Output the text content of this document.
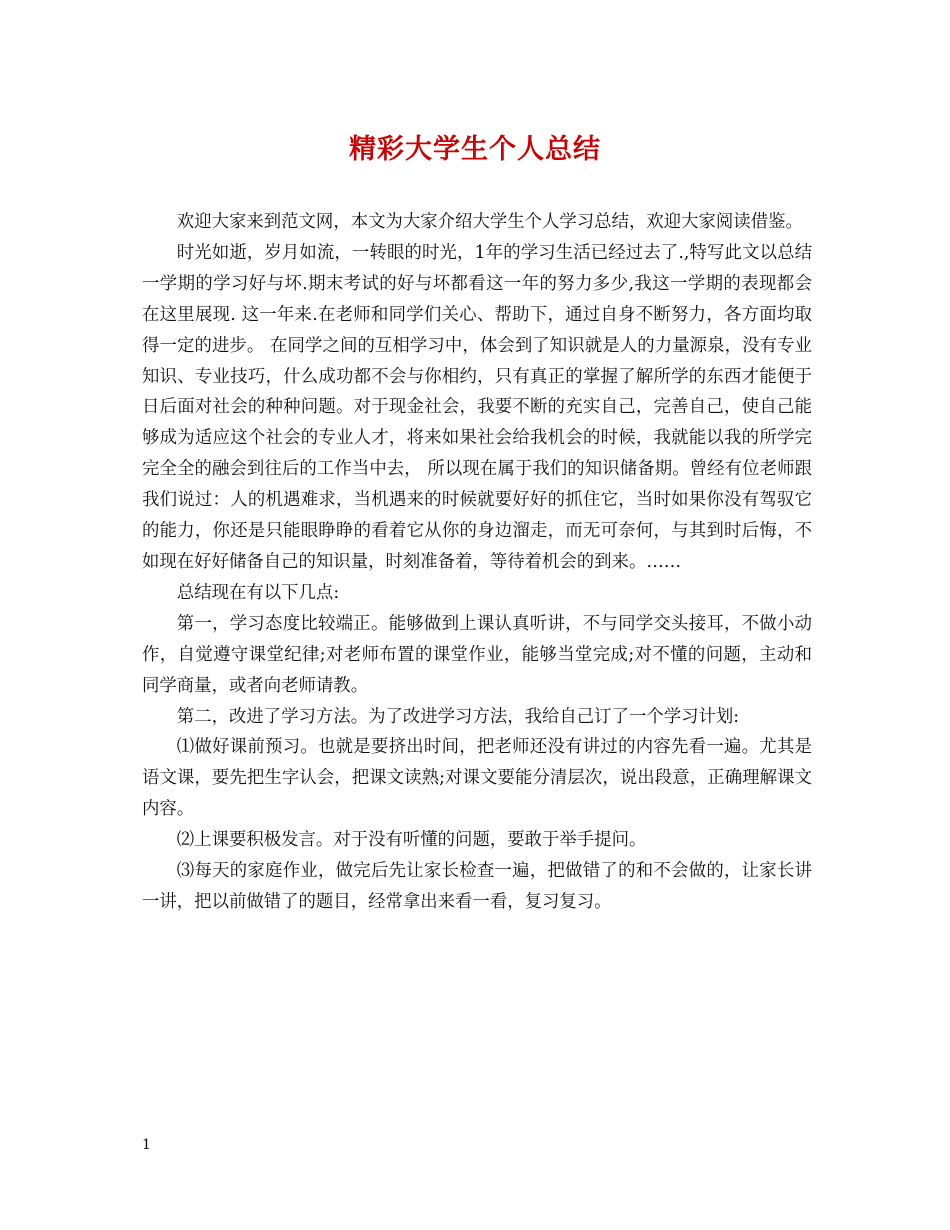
精彩大学生个人总结

欢迎大家来到范文网，本文为大家介绍大学生个人学习总结，欢迎大家阅读借鉴。

时光如逝，岁月如流，一转眼的时光，1年的学习生活已经过去了.,特写此文以总结一学期的学习好与坏.期末考试的好与坏都看这一年的努力多少,我这一学期的表现都会在这里展现. 这一年来.在老师和同学们关心、帮助下，通过自身不断努力，各方面均取得一定的进步。 在同学之间的互相学习中，体会到了知识就是人的力量源泉，没有专业知识、专业技巧，什么成功都不会与你相约，只有真正的掌握了解所学的东西才能便于日后面对社会的种种问题。对于现金社会，我要不断的充实自己，完善自己，使自己能够成为适应这个社会的专业人才，将来如果社会给我机会的时候，我就能以我的所学完完全全的融会到往后的工作当中去， 所以现在属于我们的知识储备期。曾经有位老师跟我们说过：人的机遇难求，当机遇来的时候就要好好的抓住它，当时如果你没有驾驭它的能力，你还是只能眼睁睁的看着它从你的身边溜走，而无可奈何，与其到时后悔，不如现在好好储备自己的知识量，时刻准备着，等待着机会的到来。……

总结现在有以下几点:

第一，学习态度比较端正。能够做到上课认真听讲，不与同学交头接耳，不做小动作，自觉遵守课堂纪律;对老师布置的课堂作业，能够当堂完成;对不懂的问题，主动和同学商量，或者向老师请教。

第二，改进了学习方法。为了改进学习方法，我给自己订了一个学习计划:

⑴做好课前预习。也就是要挤出时间，把老师还没有讲过的内容先看一遍。尤其是语文课，要先把生字认会，把课文读熟;对课文要能分清层次，说出段意，正确理解课文内容。

⑵上课要积极发言。对于没有听懂的问题，要敢于举手提问。

⑶每天的家庭作业，做完后先让家长检查一遍，把做错了的和不会做的，让家长讲一讲，把以前做错了的题目，经常拿出来看一看，复习复习。

1
